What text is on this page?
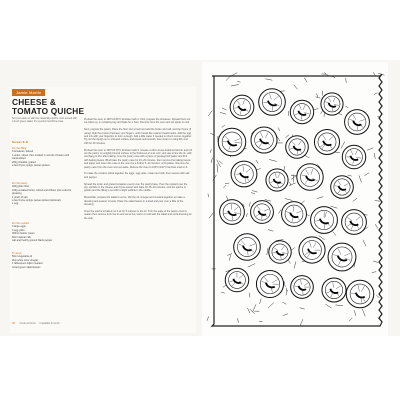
Jamie Martin
CHEESE &
TOMATO QUICHE
Set your taste on with the classically-quiche, then served with a fresh green salad. It's a perfect lunchtime treat.
Serves 6–8
For the filling
6 tomatoes, halved
1 onion, sliced, then cooked in a knob of butter until caramelised
200g cheddar, grated
a few thyme sprigs, leaves picked
For the pastry
200g plain flour
100g unsalted butter, cubed and chilled, plus extra for greasing
1 pinch of salt
a few thyme sprigs, leaves picked (optional)
1 egg
For the custard
3 large eggs
3 egg yolks
300ml double cream
60ml natural milk
salt and freshly ground black pepper
To serve
50ml vegetable oil
2tsp white wine vinegar
1 tablespoon Dijon mustard
mixed green salad leaves

Preheat the oven to 180°C/160°C fan/Gas mark 4. First, prepare the tomatoes. Spread them out, cut sides up, on a baking tray and bake for 1 hour. Remove from the oven and set aside to cool.

Next, prepare the pastry. Place the flour into a bowl and add the butter and salt, and the thyme (if using). Rub the mixture between your fingers, until it looks like coarse breadcrumbs. Add the egg and mix with your fingertips to form a dough. Add a little water if needed so that it comes together. Tip out the dough on to a floured surface and knead until smooth, then wrap it in cling film and chill for 30 minutes.

Preheat the oven to 190°C/170°C fan/Gas mark 5. Grease a 23cm loose-bottomed tart tin and roll out the pastry on a lightly floured surface to the thickness of a £1 coin, and use to line the tin, with overhang to trim after baking. Line the pastry case with a piece of greaseproof paper and fill it with baking beans. Blind bake the pastry case for 15–20 minutes, then remove the baking beans and paper and return the case to the oven for a further 5–10 minutes, until golden. Remove the pastry case from the oven and set aside. Reduce the oven to 160°C/140°C fan/Gas mark 2–3.

To make the custard, whisk together the eggs, egg yolks, cream and milk, then season with salt and pepper.

Spread the onion and grated tomatoes evenly over the pastry base. Pour the custard over the top, sprinkle in the cheese and thyme leaves and bake for 35–40 minutes, until the quiche is golden and the filling is set with a slight wobble in the middle.

Meanwhile, prepare the salad to serve. Mix the oil, vinegar and mustard together to make a dressing and season to taste. Place the salad leaves in a bowl and pour over a little of the dressing.

Once the quiche is baked, let it sit for 5 minutes in the tin. Trim the edge of the pastry crust to neaten then remove from the tin and serve hot, warm or cold with the salad and extra dressing on the side.

40 Cook at home breakfast & lunch
